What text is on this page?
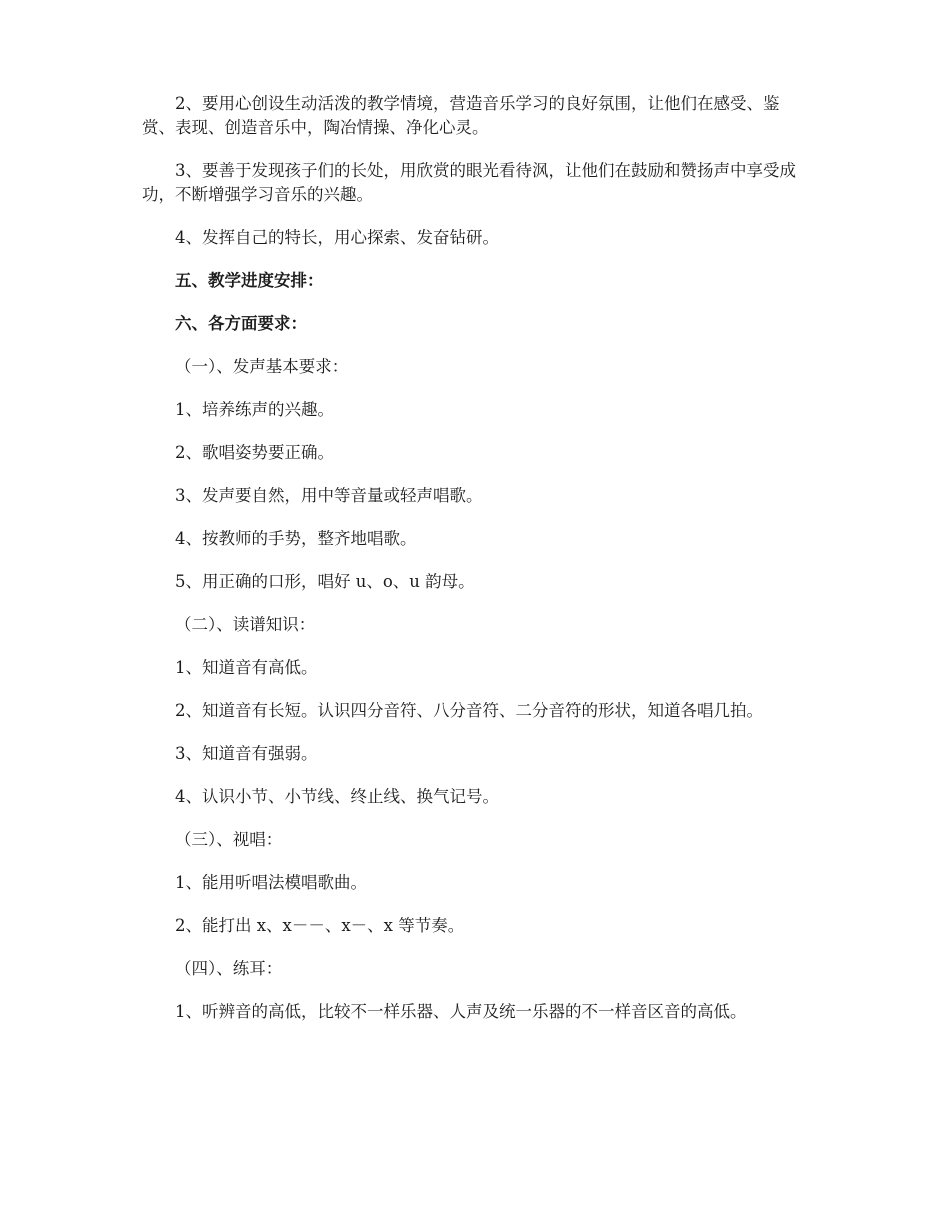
2、要用心创设生动活泼的教学情境，营造音乐学习的良好氛围，让他们在感受、鉴赏、表现、创造音乐中，陶冶情操、净化心灵。

3、要善于发现孩子们的长处，用欣赏的眼光看待沨，让他们在鼓励和赞扬声中享受成功，不断增强学习音乐的兴趣。

4、发挥自己的特长，用心探索、发奋钻研。

五、教学进度安排：

六、各方面要求：

（一）、发声基本要求：

1、培养练声的兴趣。

2、歌唱姿势要正确。

3、发声要自然，用中等音量或轻声唱歌。

4、按教师的手势，整齐地唱歌。

5、用正确的口形，唱好 u、o、u 韵母。

（二）、读谱知识：

1、知道音有高低。

2、知道音有长短。认识四分音符、八分音符、二分音符的形状，知道各唱几拍。

3、知道音有强弱。

4、认识小节、小节线、终止线、换气记号。

（三）、视唱：

1、能用听唱法模唱歌曲。

2、能打出 x、x－－、x－、x 等节奏。

（四）、练耳：

1、听辨音的高低，比较不一样乐器、人声及统一乐器的不一样音区音的高低。
